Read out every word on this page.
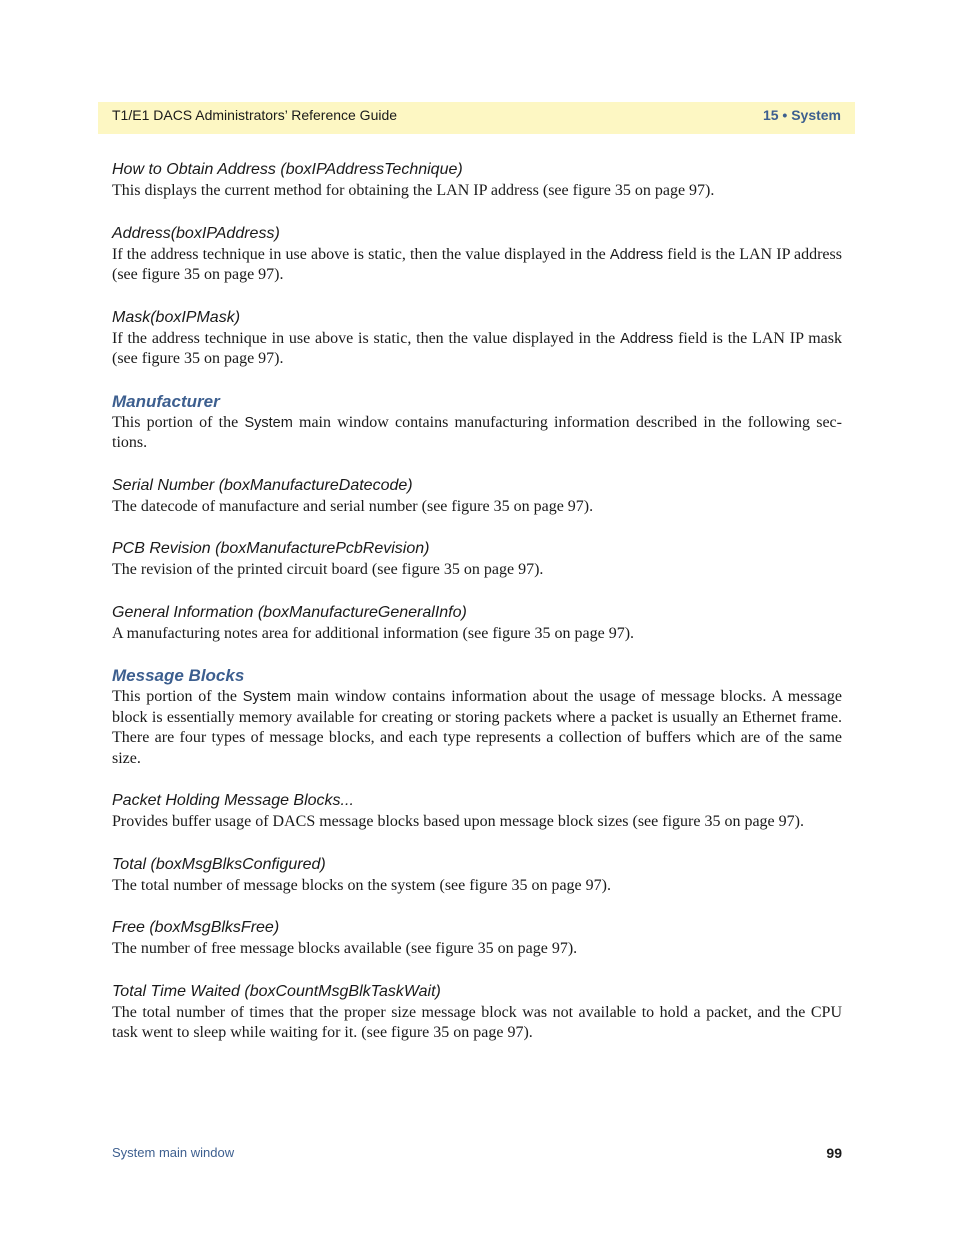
T1/E1 DACS Administrators’ Reference Guide	15 • System

How to Obtain Address (boxIPAddressTechnique)

This displays the current method for obtaining the LAN IP address (see figure 35 on page 97).

Address(boxIPAddress)

If the address technique in use above is static, then the value displayed in the Address field is the LAN IP address (see figure 35 on page 97).

Mask(boxIPMask)

If the address technique in use above is static, then the value displayed in the Address field is the LAN IP mask (see figure 35 on page 97).

Manufacturer

This portion of the System main window contains manufacturing information described in the following sec- tions.

Serial Number (boxManufactureDatecode)

The datecode of manufacture and serial number (see figure 35 on page 97).

PCB Revision (boxManufacturePcbRevision)

The revision of the printed circuit board (see figure 35 on page 97).

General Information (boxManufactureGeneralInfo)

A manufacturing notes area for additional information (see figure 35 on page 97).

Message Blocks

This portion of the System main window contains information about the usage of message blocks. A message block is essentially memory available for creating or storing packets where a packet is usually an Ethernet frame. There are four types of message blocks, and each type represents a collection of buffers which are of the same size.

Packet Holding Message Blocks...

Provides buffer usage of DACS message blocks based upon message block sizes (see figure 35 on page 97).

Total (boxMsgBlksConfigured)

The total number of message blocks on the system (see figure 35 on page 97).

Free (boxMsgBlksFree)

The number of free message blocks available (see figure 35 on page 97).

Total Time Waited (boxCountMsgBlkTaskWait)

The total number of times that the proper size message block was not available to hold a packet, and the CPU task went to sleep while waiting for it. (see figure 35 on page 97).

System main window	99
